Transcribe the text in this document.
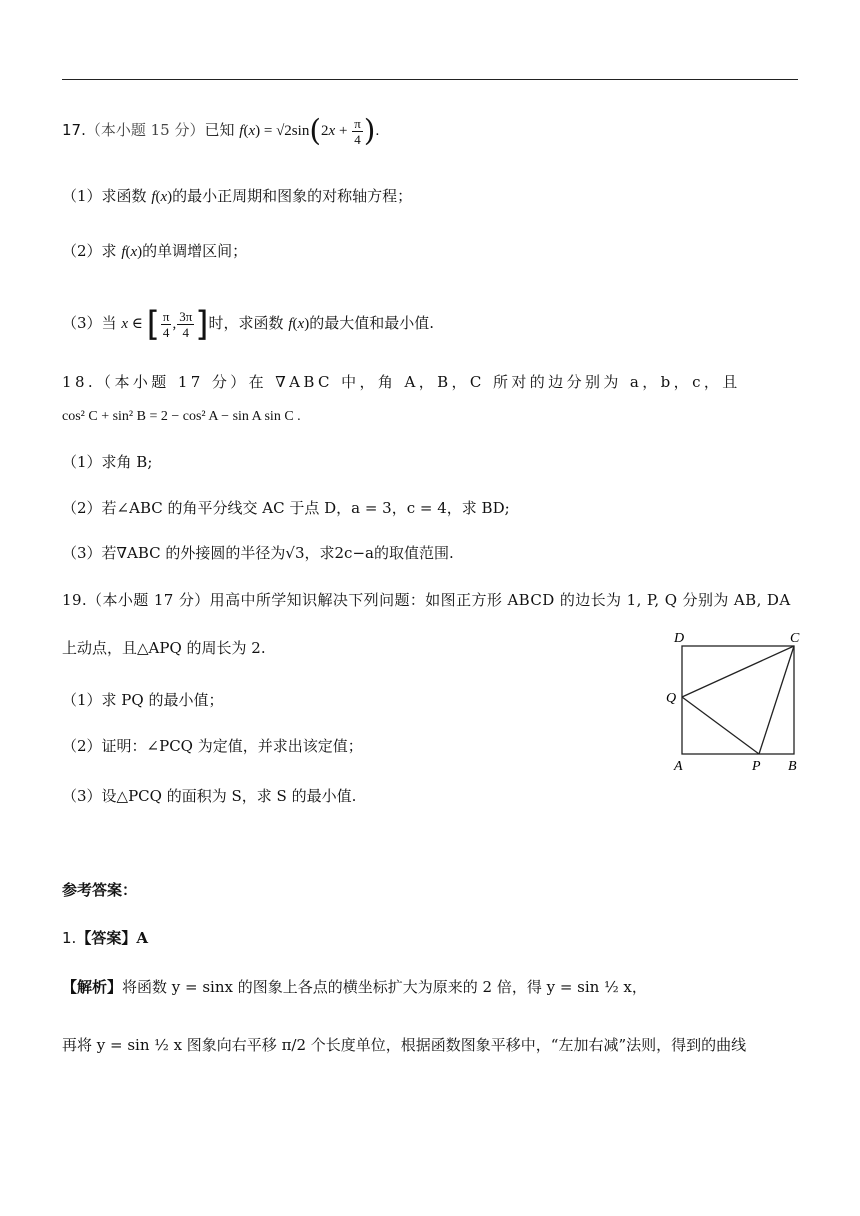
17.（本小题 15 分）已知 $f(x) = √2\sin(2x + \frac{\pi}{4}$ ).
（1）求函数 f(x)的最小正周期和图象的对称轴方程；
（2）求 f(x)的单调增区间；
（3）当 x ∈ [ $\frac{\pi}{4}$ , $\frac{3\pi}{4}$ ]时，求函数 f(x)的最大值和最小值.
18.（本小题 17 分）在 ∇ABC 中，角 A，B，C 所对的边分别为 a，b，c，且
cos² C + sin² B = 2 − cos² A − sin A sin C .
（1）求角 B;
（2）若∠ABC 的角平分线交 AC 于点 D，a = 3，c = 4，求 BD;
（3）若∇ABC 的外接圆的半径为√3，求2c−a的取值范围.
19.（本小题 17 分）用高中所学知识解决下列问题：如图正方形 ABCD 的边长为 1, P, Q 分别为 AB, DA
上动点，且△APQ 的周长为 2.
（1）求 PQ 的最小值；
（2）证明：∠PCQ 为定值，并求出该定值；
（3）设△PCQ 的面积为 S，求 S 的最小值.
D	C
Q
A	P B
参考答案：
1.【答案】A
【解析】将函数 y = sinx 的图象上各点的横坐标扩大为原来的 2 倍，得 y = sin ½ x，
再将 y = sin ½ x 图象向右平移 π/2 个长度单位，根据函数图象平移中，“左加右减”法则，得到的曲线
